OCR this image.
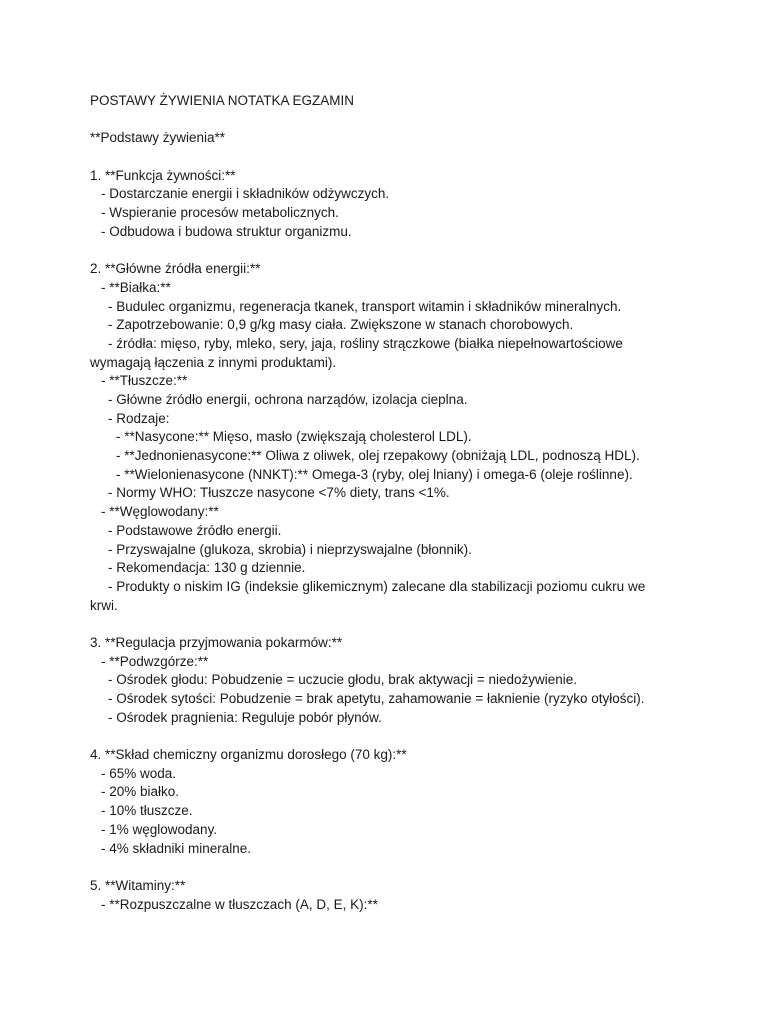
POSTAWY ŻYWIENIA NOTATKA EGZAMIN
**Podstawy żywienia**
1. **Funkcja żywności:**
- Dostarczanie energii i składników odżywczych.
- Wspieranie procesów metabolicznych.
- Odbudowa i budowa struktur organizmu.
2. **Główne źródła energii:**
- **Białka:**
- Budulec organizmu, regeneracja tkanek, transport witamin i składników mineralnych.
- Zapotrzebowanie: 0,9 g/kg masy ciała. Zwiększone w stanach chorobowych.
- źródła: mięso, ryby, mleko, sery, jaja, rośliny strączkowe (białka niepełnowartościowe
wymagają łączenia z innymi produktami).
- **Tłuszcze:**
- Główne źródło energii, ochrona narządów, izolacja cieplna.
- Rodzaje:
- **Nasycone:** Mięso, masło (zwiększają cholesterol LDL).
- **Jednonienasycone:** Oliwa z oliwek, olej rzepakowy (obniżają LDL, podnoszą HDL).
- **Wielonienasycone (NNKT):** Omega-3 (ryby, olej lniany) i omega-6 (oleje roślinne).
- Normy WHO: Tłuszcze nasycone <7% diety, trans <1%.
- **Węglowodany:**
- Podstawowe źródło energii.
- Przyswajalne (glukoza, skrobia) i nieprzyswajalne (błonnik).
- Rekomendacja: 130 g dziennie.
- Produkty o niskim IG (indeksie glikemicznym) zalecane dla stabilizacji poziomu cukru we
krwi.
3. **Regulacja przyjmowania pokarmów:**
- **Podwzgórze:**
- Ośrodek głodu: Pobudzenie = uczucie głodu, brak aktywacji = niedożywienie.
- Ośrodek sytości: Pobudzenie = brak apetytu, zahamowanie = łaknienie (ryzyko otyłości).
- Ośrodek pragnienia: Reguluje pobór płynów.
4. **Skład chemiczny organizmu dorosłego (70 kg):**
- 65% woda.
- 20% białko.
- 10% tłuszcze.
- 1% węglowodany.
- 4% składniki mineralne.
5. **Witaminy:**
- **Rozpuszczalne w tłuszczach (A, D, E, K):**
